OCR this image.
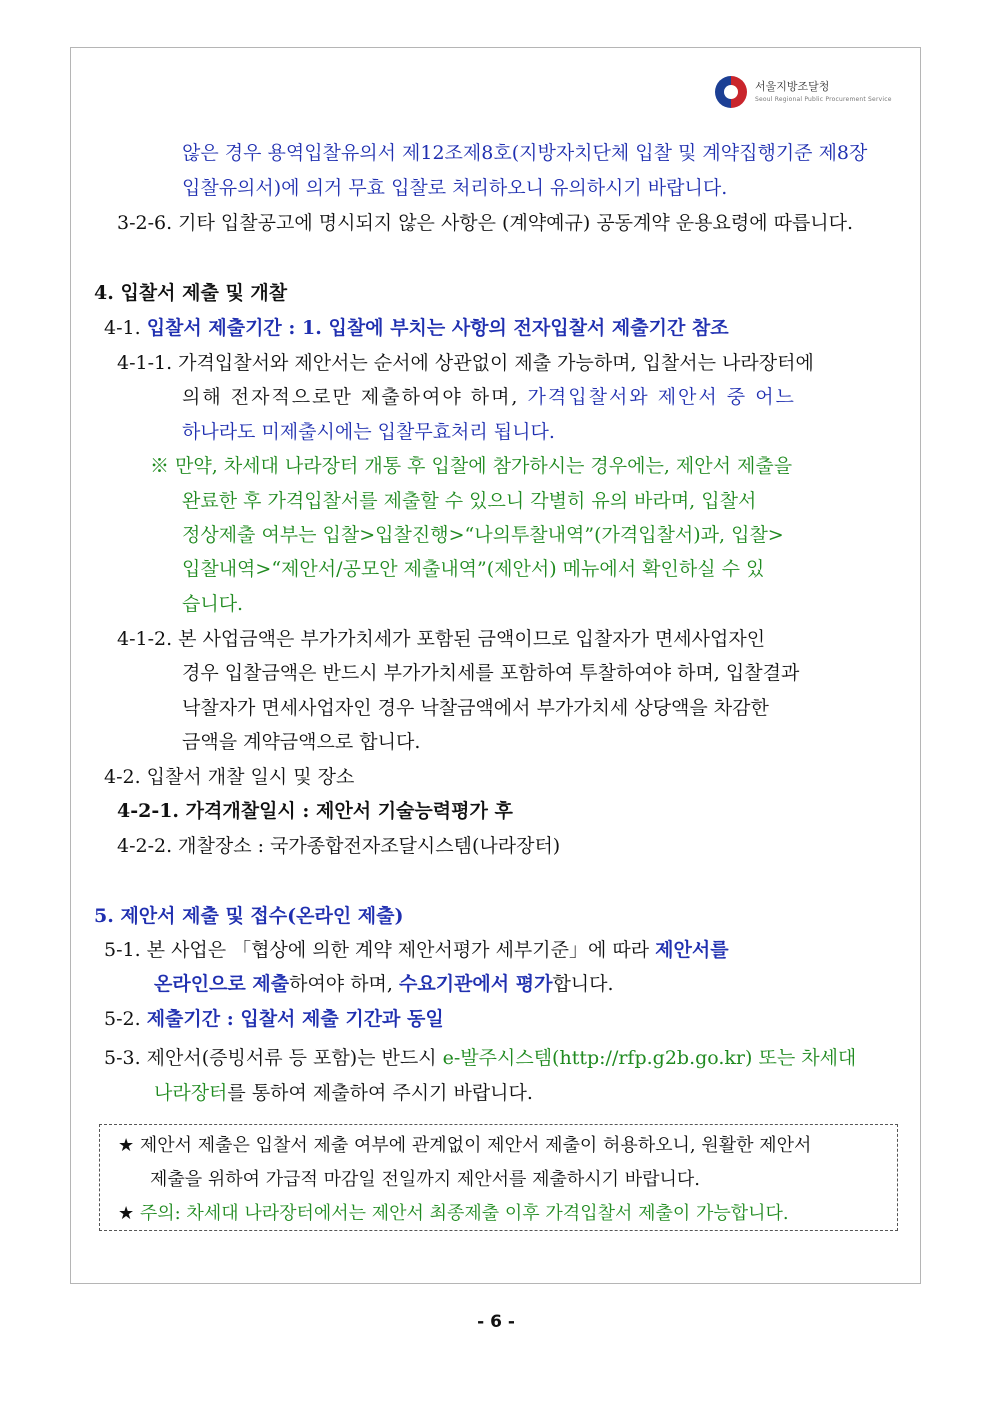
서울지방조달청
Seoul Regional Public Procurement Service
않은 경우 용역입찰유의서 제12조제8호(지방자치단체 입찰 및 계약집행기준 제8장
입찰유의서)에 의거 무효 입찰로 처리하오니 유의하시기 바랍니다.
3-2-6. 기타 입찰공고에 명시되지 않은 사항은 (계약예규) 공동계약 운용요령에 따릅니다.
4. 입찰서 제출 및 개찰
4-1. 입찰서 제출기간 : 1. 입찰에 부치는 사항의 전자입찰서 제출기간 참조
4-1-1. 가격입찰서와 제안서는 순서에 상관없이 제출 가능하며, 입찰서는 나라장터에
의해 전자적으로만 제출하여야 하며, 가격입찰서와 제안서 중 어느
하나라도 미제출시에는 입찰무효처리 됩니다.
※ 만약, 차세대 나라장터 개통 후 입찰에 참가하시는 경우에는, 제안서 제출을
완료한 후 가격입찰서를 제출할 수 있으니 각별히 유의 바라며, 입찰서
정상제출 여부는 입찰>입찰진행>“나의투찰내역”(가격입찰서)과, 입찰>
입찰내역>“제안서/공모안 제출내역”(제안서) 메뉴에서 확인하실 수 있
습니다.
4-1-2. 본 사업금액은 부가가치세가 포함된 금액이므로 입찰자가 면세사업자인
경우 입찰금액은 반드시 부가가치세를 포함하여 투찰하여야 하며, 입찰결과
낙찰자가 면세사업자인 경우 낙찰금액에서 부가가치세 상당액을 차감한
금액을 계약금액으로 합니다.
4-2. 입찰서 개찰 일시 및 장소
4-2-1. 가격개찰일시 : 제안서 기술능력평가 후
4-2-2. 개찰장소 : 국가종합전자조달시스템(나라장터)
5. 제안서 제출 및 접수(온라인 제출)
5-1. 본 사업은 「협상에 의한 계약 제안서평가 세부기준」에 따라 제안서를
온라인으로 제출하여야 하며, 수요기관에서 평가합니다.
5-2. 제출기간 : 입찰서 제출 기간과 동일
5-3. 제안서(증빙서류 등 포함)는 반드시 e-발주시스템(http://rfp.g2b.go.kr) 또는 차세대
나라장터를 통하여 제출하여 주시기 바랍니다.
★ 제안서 제출은 입찰서 제출 여부에 관계없이 제안서 제출이 허용하오니, 원활한 제안서
제출을 위하여 가급적 마감일 전일까지 제안서를 제출하시기 바랍니다.
★ 주의: 차세대 나라장터에서는 제안서 최종제출 이후 가격입찰서 제출이 가능합니다.
- 6 -
